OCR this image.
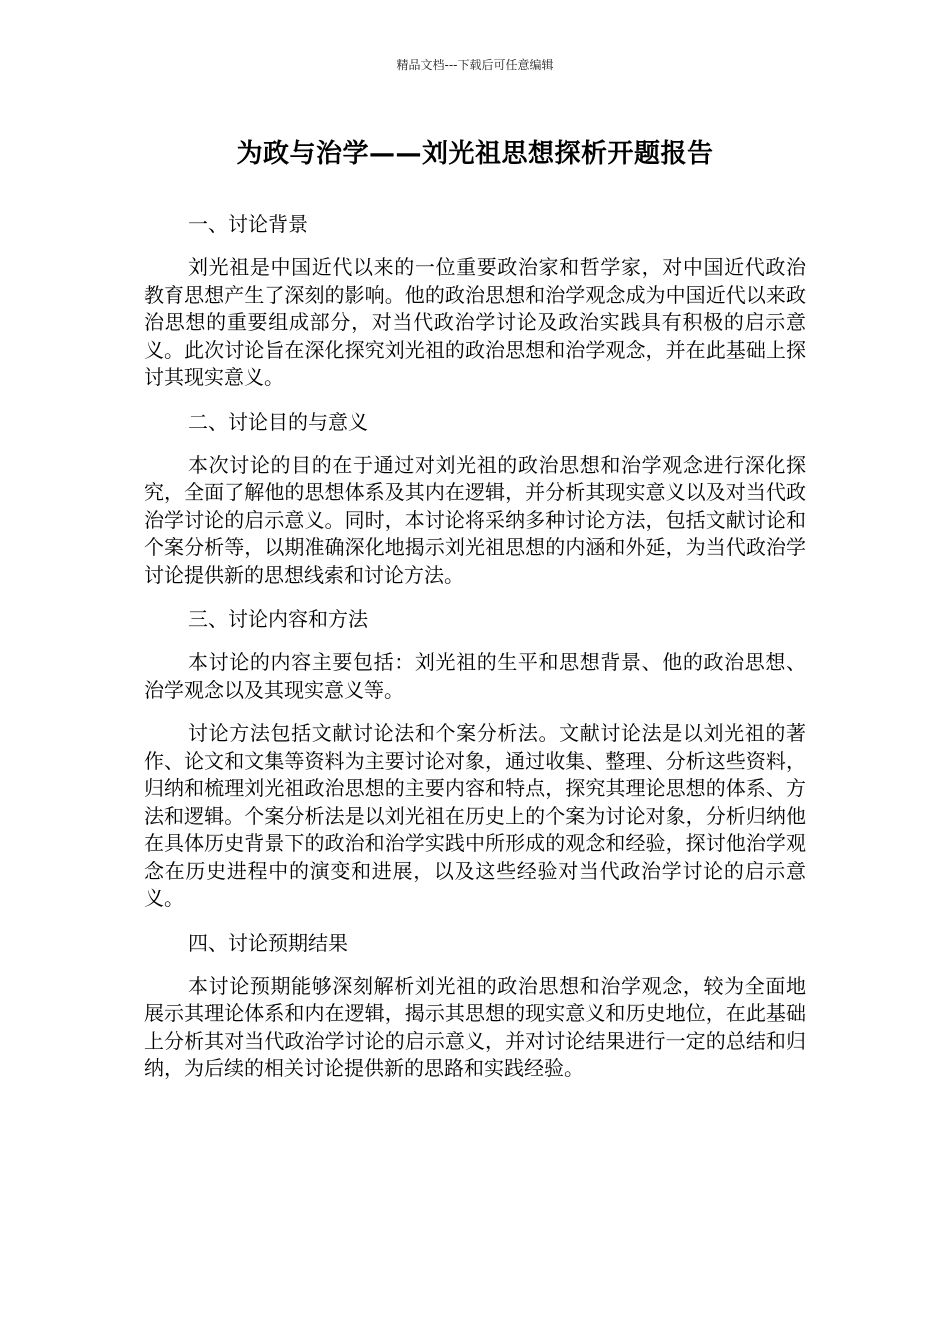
精品文档---下载后可任意编辑
为政与治学——刘光祖思想探析开题报告
一、讨论背景

刘光祖是中国近代以来的一位重要政治家和哲学家，对中国近代政治教育思想产生了深刻的影响。他的政治思想和治学观念成为中国近代以来政治思想的重要组成部分，对当代政治学讨论及政治实践具有积极的启示意义。此次讨论旨在深化探究刘光祖的政治思想和治学观念，并在此基础上探讨其现实意义。

二、讨论目的与意义

本次讨论的目的在于通过对刘光祖的政治思想和治学观念进行深化探究，全面了解他的思想体系及其内在逻辑，并分析其现实意义以及对当代政治学讨论的启示意义。同时，本讨论将采纳多种讨论方法，包括文献讨论和个案分析等，以期准确深化地揭示刘光祖思想的内涵和外延，为当代政治学讨论提供新的思想线索和讨论方法。

三、讨论内容和方法

本讨论的内容主要包括：刘光祖的生平和思想背景、他的政治思想、治学观念以及其现实意义等。

讨论方法包括文献讨论法和个案分析法。文献讨论法是以刘光祖的著作、论文和文集等资料为主要讨论对象，通过收集、整理、分析这些资料，归纳和梳理刘光祖政治思想的主要内容和特点，探究其理论思想的体系、方法和逻辑。个案分析法是以刘光祖在历史上的个案为讨论对象，分析归纳他在具体历史背景下的政治和治学实践中所形成的观念和经验，探讨他治学观念在历史进程中的演变和进展，以及这些经验对当代政治学讨论的启示意义。

四、讨论预期结果

本讨论预期能够深刻解析刘光祖的政治思想和治学观念，较为全面地展示其理论体系和内在逻辑，揭示其思想的现实意义和历史地位，在此基础上分析其对当代政治学讨论的启示意义，并对讨论结果进行一定的总结和归纳，为后续的相关讨论提供新的思路和实践经验。
